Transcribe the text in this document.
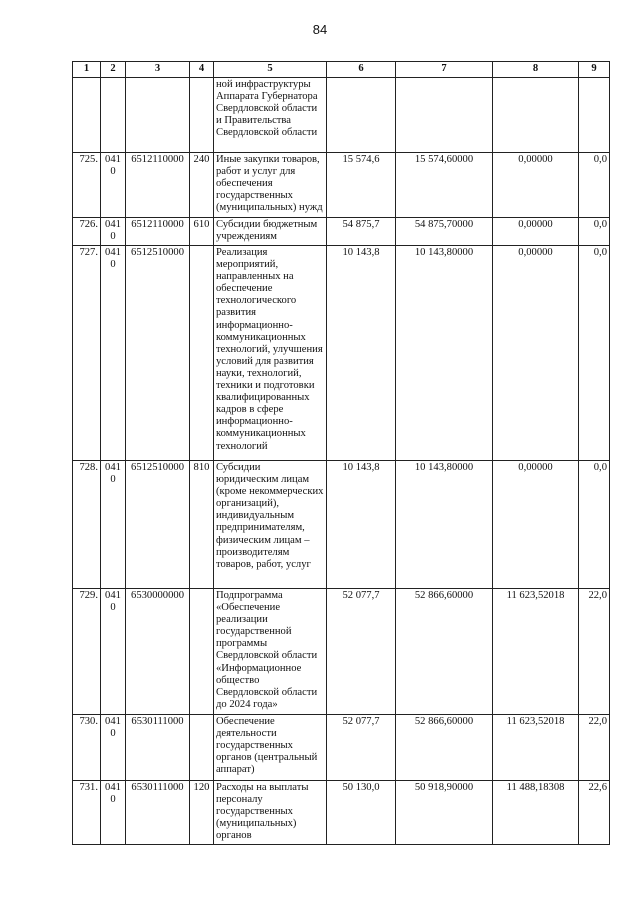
84
1	2	3	4	5	6	7	8	9
				ной инфраструктуры Аппарата Губернатора Свердловской области и Правительства Свердловской области				
725.	0410	6512110000	240	Иные закупки товаров, работ и услуг для обеспечения государственных (муниципальных) нужд	15 574,6	15 574,60000	0,00000	0,0
726.	0410	6512110000	610	Субсидии бюджетным учреждениям	54 875,7	54 875,70000	0,00000	0,0
727.	0410	6512510000		Реализация мероприятий, направленных на обеспечение технологического развития информационно-коммуникационных технологий, улучшения условий для развития науки, технологий, техники и подготовки квалифицированных кадров в сфере информационно-коммуникационных технологий	10 143,8	10 143,80000	0,00000	0,0
728.	0410	6512510000	810	Субсидии юридическим лицам (кроме некоммерческих организаций), индивидуальным предпринимателям, физическим лицам – производителям товаров, работ, услуг	10 143,8	10 143,80000	0,00000	0,0
729.	0410	6530000000		Подпрограмма «Обеспечение реализации государственной программы Свердловской области «Информационное общество Свердловской области до 2024 года»	52 077,7	52 866,60000	11 623,52018	22,0
730.	0410	6530111000		Обеспечение деятельности государственных органов (центральный аппарат)	52 077,7	52 866,60000	11 623,52018	22,0
731.	0410	6530111000	120	Расходы на выплаты персоналу государственных (муниципальных) органов	50 130,0	50 918,90000	11 488,18308	22,6
